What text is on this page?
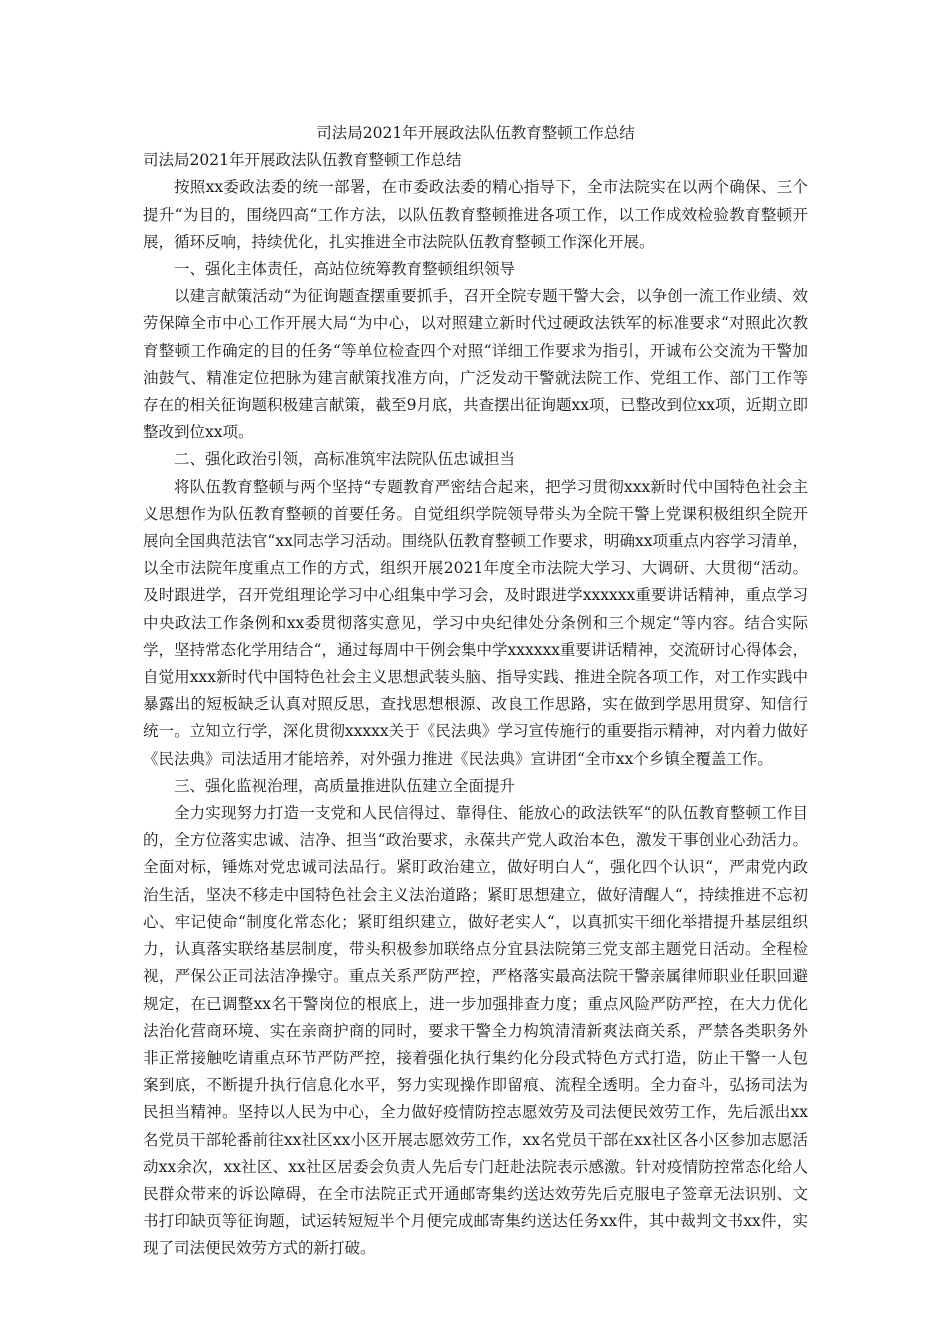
司法局2021年开展政法队伍教育整顿工作总结

司法局2021年开展政法队伍教育整顿工作总结

按照xx委政法委的统一部署，在市委政法委的精心指导下，全市法院实在以两个确保、三个提升“为目的，围绕四高“工作方法，以队伍教育整顿推进各项工作，以工作成效检验教育整顿开展，循环反响，持续优化，扎实推进全市法院队伍教育整顿工作深化开展。

一、强化主体责任，高站位统筹教育整顿组织领导

以建言献策活动“为征询题查摆重要抓手，召开全院专题干警大会，以争创一流工作业绩、效劳保障全市中心工作开展大局“为中心，以对照建立新时代过硬政法铁军的标准要求“对照此次教育整顿工作确定的目的任务“等单位检查四个对照“详细工作要求为指引，开诚布公交流为干警加油鼓气、精准定位把脉为建言献策找准方向，广泛发动干警就法院工作、党组工作、部门工作等存在的相关征询题积极建言献策，截至9月底，共查摆出征询题xx项，已整改到位xx项，近期立即整改到位xx项。

二、强化政治引领，高标准筑牢法院队伍忠诚担当

将队伍教育整顿与两个坚持“专题教育严密结合起来，把学习贯彻xxx新时代中国特色社会主义思想作为队伍教育整顿的首要任务。自觉组织学院领导带头为全院干警上党课积极组织全院开展向全国典范法官“xx同志学习活动。围绕队伍教育整顿工作要求，明确xx项重点内容学习清单，以全市法院年度重点工作的方式，组织开展2021年度全市法院大学习、大调研、大贯彻“活动。及时跟进学，召开党组理论学习中心组集中学习会，及时跟进学xxxxxx重要讲话精神，重点学习中央政法工作条例和xx委贯彻落实意见，学习中央纪律处分条例和三个规定“等内容。结合实际学，坚持常态化学用结合“，通过每周中干例会集中学xxxxxx重要讲话精神，交流研讨心得体会，自觉用xxx新时代中国特色社会主义思想武装头脑、指导实践、推进全院各项工作，对工作实践中暴露出的短板缺乏认真对照反思，查找思想根源、改良工作思路，实在做到学思用贯穿、知信行统一。立知立行学，深化贯彻xxxxx关于《民法典》学习宣传施行的重要指示精神，对内着力做好《民法典》司法适用才能培养，对外强力推进《民法典》宣讲团“全市xx个乡镇全覆盖工作。

三、强化监视治理，高质量推进队伍建立全面提升

全力实现努力打造一支党和人民信得过、靠得住、能放心的政法铁军“的队伍教育整顿工作目的，全方位落实忠诚、洁净、担当“政治要求，永葆共产党人政治本色，激发干事创业心劲活力。全面对标，锤炼对党忠诚司法品行。紧盯政治建立，做好明白人“，强化四个认识“，严肃党内政治生活，坚决不移走中国特色社会主义法治道路；紧盯思想建立，做好清醒人“，持续推进不忘初心、牢记使命“制度化常态化；紧盯组织建立，做好老实人“，以真抓实干细化举措提升基层组织力，认真落实联络基层制度，带头积极参加联络点分宜县法院第三党支部主题党日活动。全程检视，严保公正司法洁净操守。重点关系严防严控，严格落实最高法院干警亲属律师职业任职回避规定，在已调整xx名干警岗位的根底上，进一步加强排查力度；重点风险严防严控，在大力优化法治化营商环境、实在亲商护商的同时，要求干警全力构筑清清新爽法商关系，严禁各类职务外非正常接触吃请重点环节严防严控，接着强化执行集约化分段式特色方式打造，防止干警一人包案到底，不断提升执行信息化水平，努力实现操作即留痕、流程全透明。全力奋斗，弘扬司法为民担当精神。坚持以人民为中心，全力做好疫情防控志愿效劳及司法便民效劳工作，先后派出xx名党员干部轮番前往xx社区xx小区开展志愿效劳工作，xx名党员干部在xx社区各小区参加志愿活动xx余次，xx社区、xx社区居委会负责人先后专门赶赴法院表示感激。针对疫情防控常态化给人民群众带来的诉讼障碍，在全市法院正式开通邮寄集约送达效劳先后克服电子签章无法识别、文书打印缺页等征询题，试运转短短半个月便完成邮寄集约送达任务xx件，其中裁判文书xx件，实现了司法便民效劳方式的新打破。
